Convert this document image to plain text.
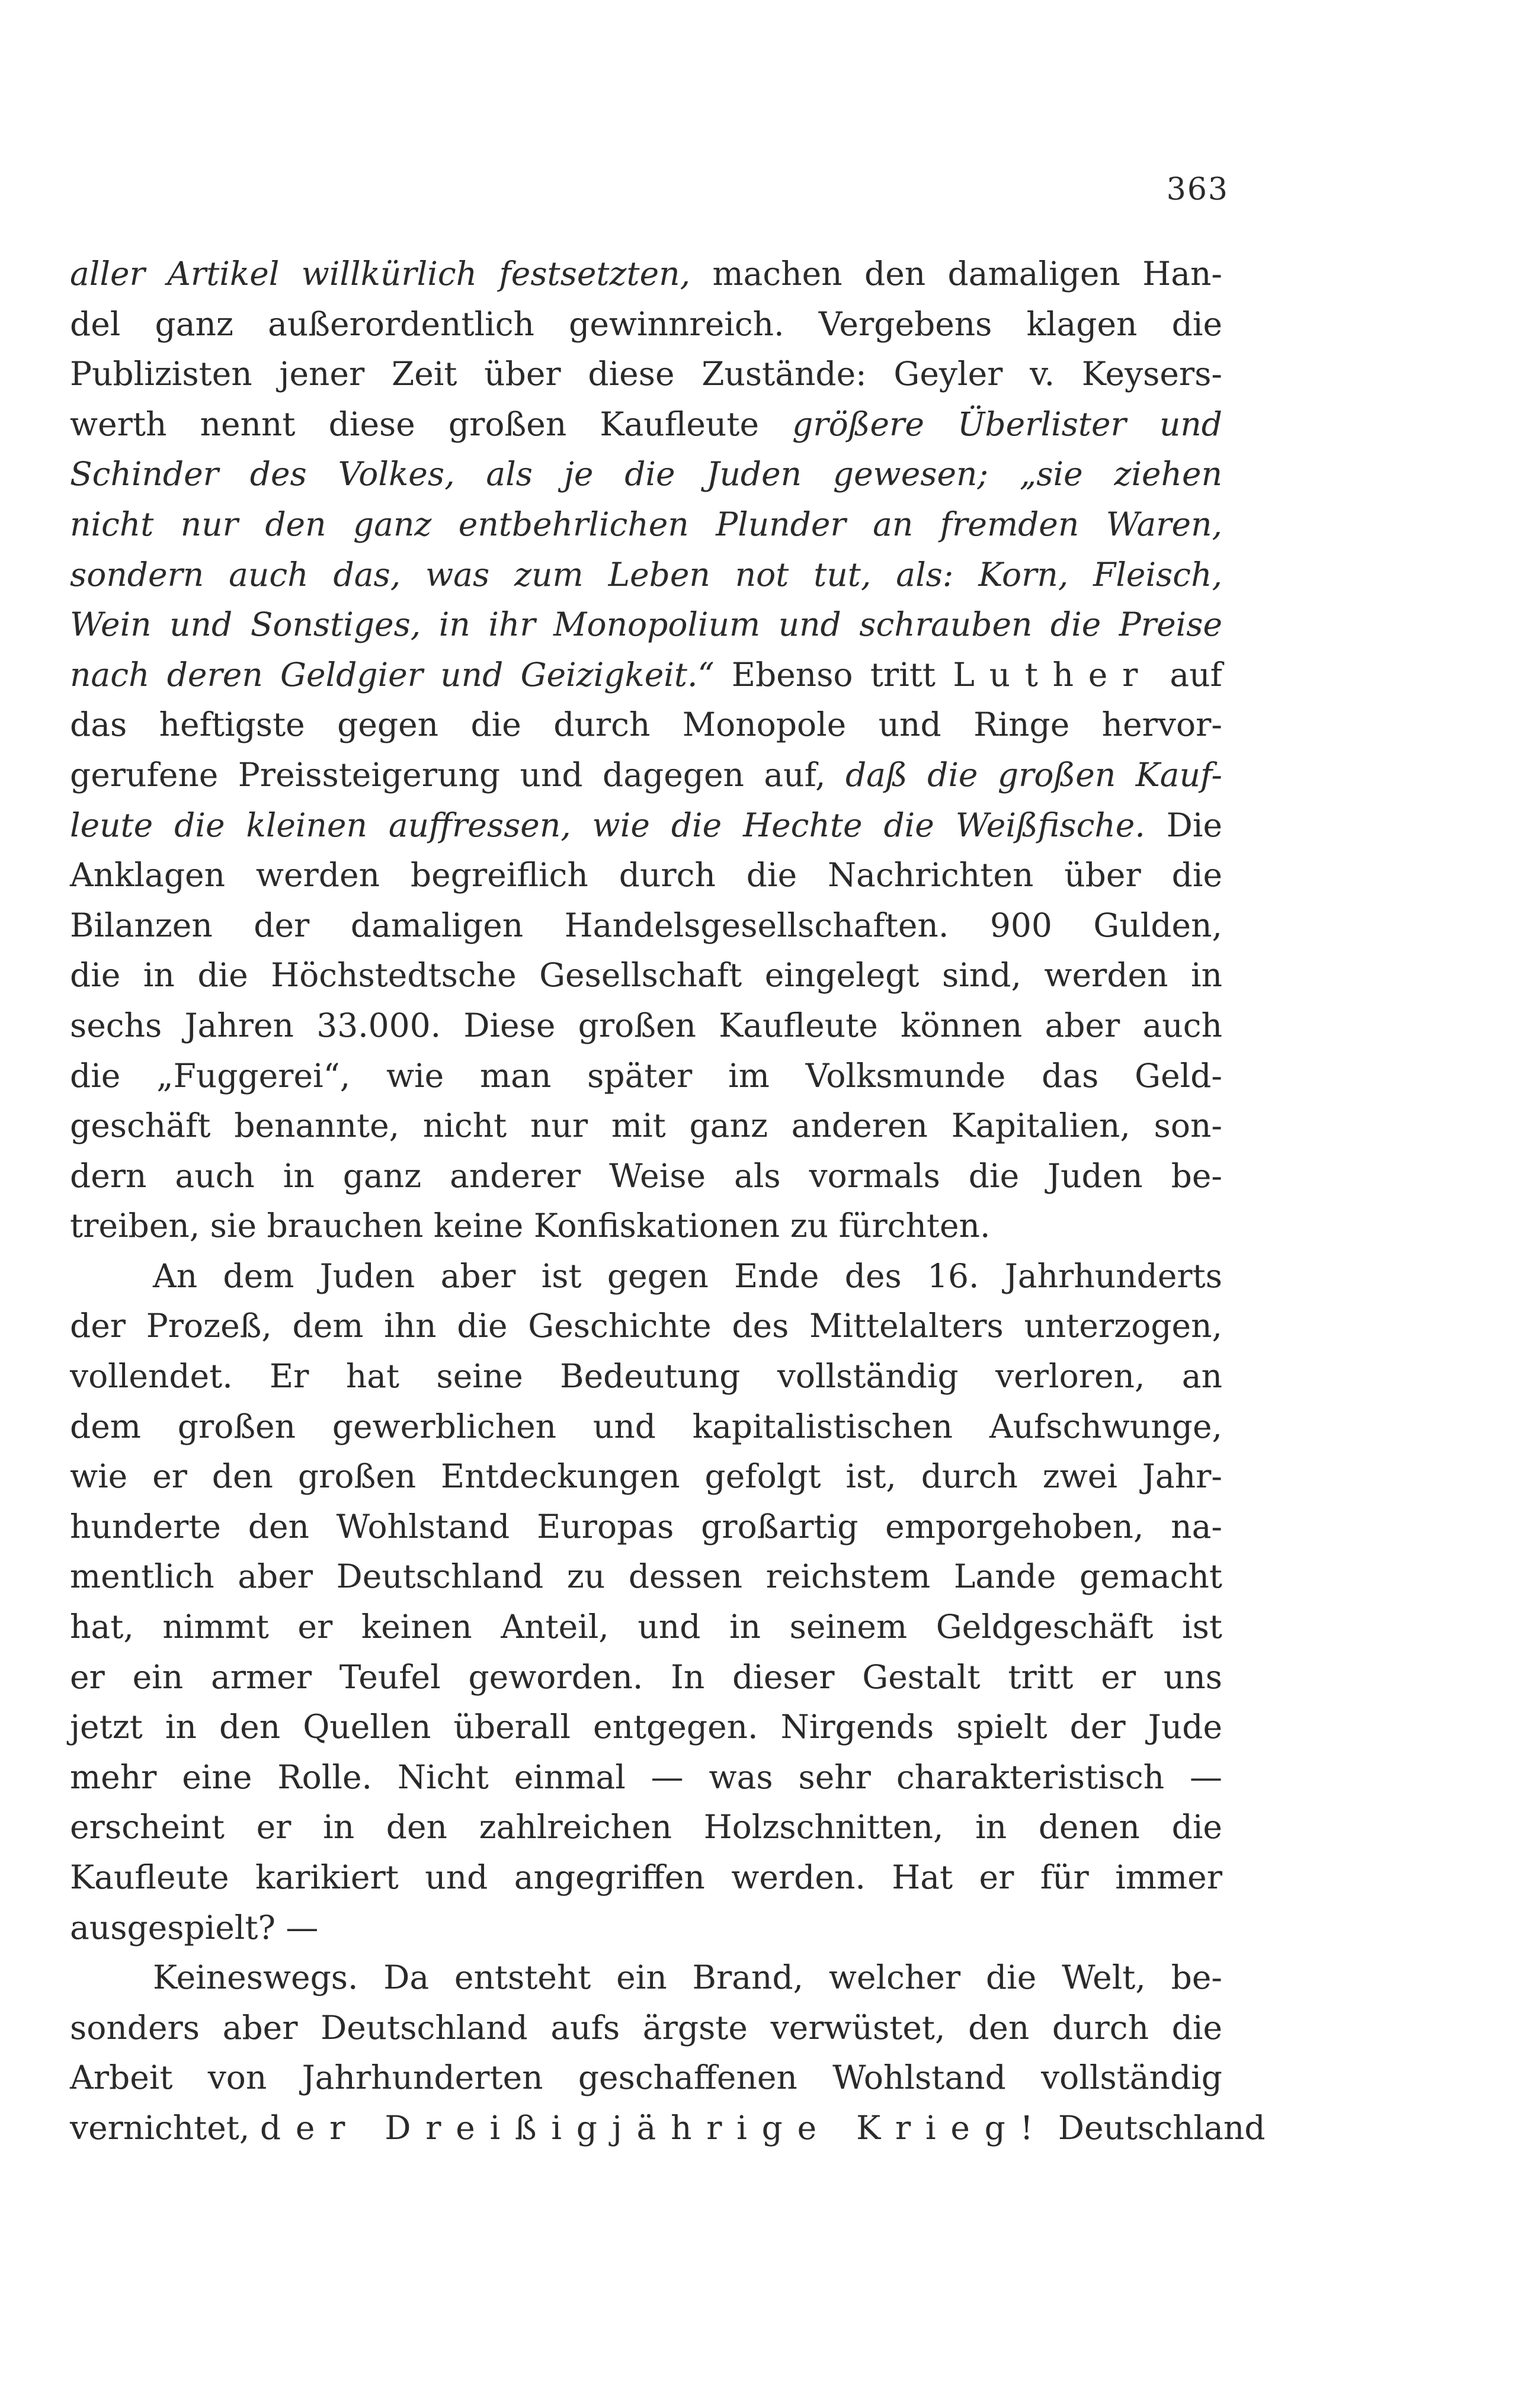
363
aller Artikel willkürlich festsetzten, machen den damaligen Han-
del ganz außerordentlich gewinnreich. Vergebens klagen die
Publizisten jener Zeit über diese Zustände: Geyler v. Keysers-
werth nennt diese großen Kaufleute größere Überlister und
Schinder des Volkes, als je die Juden gewesen; „sie ziehen
nicht nur den ganz entbehrlichen Plunder an fremden Waren,
sondern auch das, was zum Leben not tut, als: Korn, Fleisch,
Wein und Sonstiges, in ihr Monopolium und schrauben die Preise
nach deren Geldgier und Geizigkeit.“ Ebenso tritt Luther auf
das heftigste gegen die durch Monopole und Ringe hervor-
gerufene Preissteigerung und dagegen auf, daß die großen Kauf-
leute die kleinen auffressen, wie die Hechte die Weißfische. Die
Anklagen werden begreiflich durch die Nachrichten über die
Bilanzen der damaligen Handelsgesellschaften. 900 Gulden,
die in die Höchstedtsche Gesellschaft eingelegt sind, werden in
sechs Jahren 33.000. Diese großen Kaufleute können aber auch
die „Fuggerei“, wie man später im Volksmunde das Geld-
geschäft benannte, nicht nur mit ganz anderen Kapitalien, son-
dern auch in ganz anderer Weise als vormals die Juden be-
treiben, sie brauchen keine Konfiskationen zu fürchten.
An dem Juden aber ist gegen Ende des 16. Jahrhunderts
der Prozeß, dem ihn die Geschichte des Mittelalters unterzogen,
vollendet. Er hat seine Bedeutung vollständig verloren, an
dem großen gewerblichen und kapitalistischen Aufschwunge,
wie er den großen Entdeckungen gefolgt ist, durch zwei Jahr-
hunderte den Wohlstand Europas großartig emporgehoben, na-
mentlich aber Deutschland zu dessen reichstem Lande gemacht
hat, nimmt er keinen Anteil, und in seinem Geldgeschäft ist
er ein armer Teufel geworden. In dieser Gestalt tritt er uns
jetzt in den Quellen überall entgegen. Nirgends spielt der Jude
mehr eine Rolle. Nicht einmal — was sehr charakteristisch —
erscheint er in den zahlreichen Holzschnitten, in denen die
Kaufleute karikiert und angegriffen werden. Hat er für immer
ausgespielt? —
Keineswegs. Da entsteht ein Brand, welcher die Welt, be-
sonders aber Deutschland aufs ärgste verwüstet, den durch die
Arbeit von Jahrhunderten geschaffenen Wohlstand vollständig
vernichtet, der Dreißigjährige Krieg! Deutschland
